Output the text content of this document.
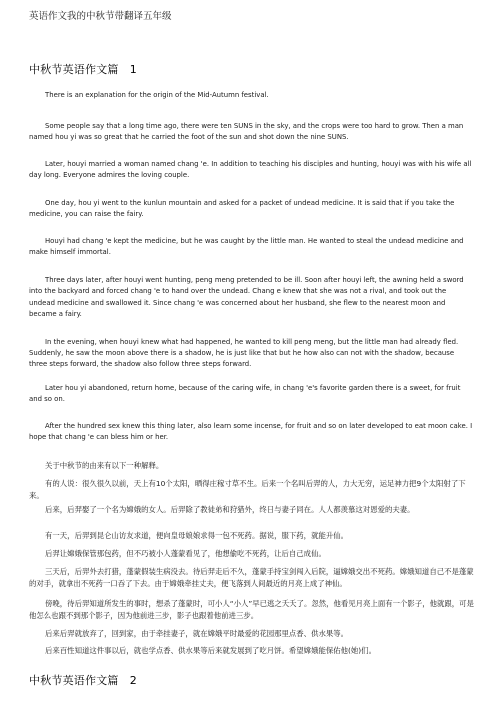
英语作文我的中秋节带翻译五年级
中秋节英语作文篇　1

There is an explanation for the origin of the Mid-Autumn festival.

Some people say that a long time ago, there were ten SUNS in the sky, and the crops were too hard to grow. Then a man named hou yi was so great that he carried the foot of the sun and shot down the nine SUNS.

Later, houyi married a woman named chang 'e. In addition to teaching his disciples and hunting, houyi was with his wife all day long. Everyone admires the loving couple.

One day, hou yi went to the kunlun mountain and asked for a packet of undead medicine. It is said that if you take the medicine, you can raise the fairy.

Houyi had chang 'e kept the medicine, but he was caught by the little man. He wanted to steal the undead medicine and make himself immortal.

Three days later, after houyi went hunting, peng meng pretended to be ill. Soon after houyi left, the awning held a sword into the backyard and forced chang 'e to hand over the undead. Chang e knew that she was not a rival, and took out the

undead medicine and swallowed it. Since chang 'e was concerned about her husband, she flew to the nearest moon and became a fairy.

In the evening, when houyi knew what had happened, he wanted to kill peng meng, but the little man had already fled. Suddenly, he saw the moon above there is a shadow, he is just like that but he how also can not with the shadow, because three steps forward, the shadow also follow three steps forward.

Later hou yi abandoned, return home, because of the caring wife, in chang 'e's favorite garden there is a sweet, for fruit and so on.

After the hundred sex knew this thing later, also learn some incense, for fruit and so on later developed to eat moon cake. I hope that chang 'e can bless him or her.

关于中秋节的由来有以下一种解释。

有的人说：很久很久以前，天上有10个太阳，晒得庄稼寸草不生。后来一个名叫后羿的人，力大无穷，运足神力把9个太阳射了下来。

后来，后羿娶了一个名为嫦娥的女人。后羿除了教徒弟和狩猎外，终日与妻子同在。人人都羡慕这对恩爱的夫妻。

有一天，后羿到昆仑山访友求道，便向皇母娘娘求得一包不死药。据说，服下药，就能升仙。

后羿让嫦娥保管那包药，但不巧被小人蓬蒙看见了，他想偷吃不死药，让后自己成仙。

三天后，后羿外去打猎，蓬蒙假装生病没去。待后羿走后不久，蓬蒙手持宝剑闯入后院，逼嫦娥交出不死药。嫦娥知道自己不是蓬蒙的对手，就拿出不死药一口吞了下去。由于嫦娥牵挂丈夫，便飞落到人间最近的月亮上成了神仙。

傍晚，待后羿知道所发生的事时，想杀了蓬蒙时，可小人“小人”早已逃之夭夭了。忽然，他看见月亮上面有一个影子，他就跟，可是他怎么也跟不到那个影子，因为他前进三步，影子也跟着他前进三步。

后来后羿就放弃了，回到家，由于牵挂妻子，就在嫦娥平时最爱的花园那里点香、供水果等。

后来百性知道这件事以后，就也学点香、供水果等后来就发展到了吃月饼。希望嫦娥能保佑他(她)们。

中秋节英语作文篇　2
